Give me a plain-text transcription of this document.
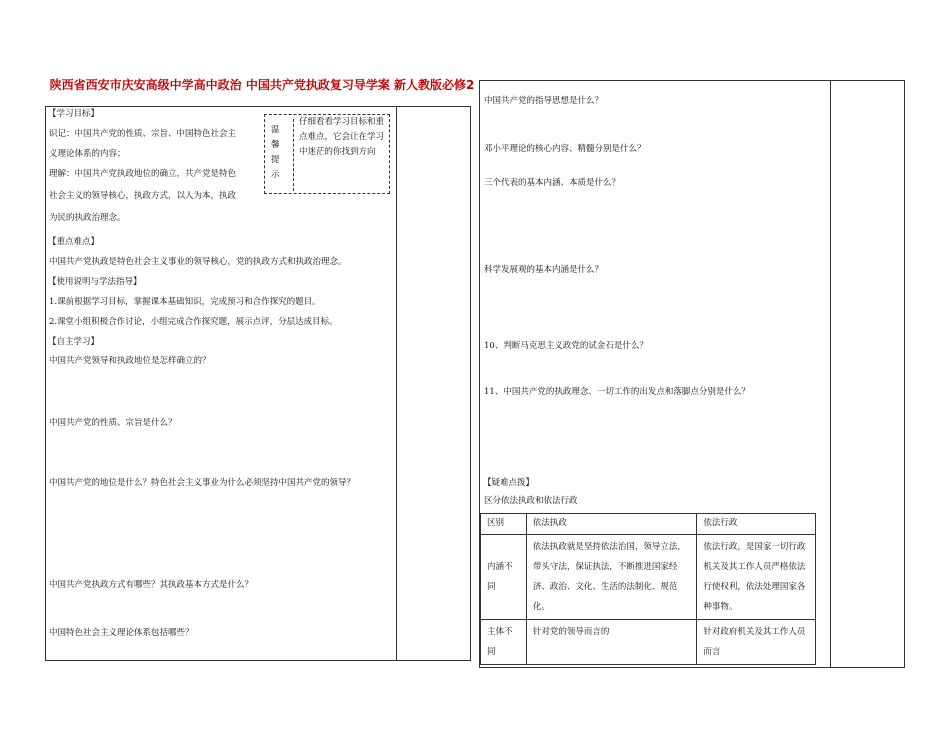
陕西省西安市庆安高级中学高中政治 中国共产党执政复习导学案 新人教版必修2
【学习目标】
识记：中国共产党的性质、宗旨、中国特色社会主
义理论体系的内容；
理解：中国共产党执政地位的确立，共产党是特色
社会主义的领导核心，执政方式，以人为本，执政
为民的执政治理念。
温馨提示
仔细看看学习目标和重点难点，它会让在学习中迷茫的你找到方向
【重点难点】
中国共产党执政是特色社会主义事业的领导核心，党的执政方式和执政治理念。
【使用说明与学法指导】
1.课前根据学习目标，掌握课本基础知识，完成预习和合作探究的题目。
2.课堂小组积极合作讨论，小组完成合作探究题，展示点评，分层达成目标。
【自主学习】
中国共产党领导和执政地位是怎样确立的？
中国共产党的性质、宗旨是什么？
中国共产党的地位是什么？特色社会主义事业为什么必须坚持中国共产党的领导？
中国共产党执政方式有哪些？其执政基本方式是什么？
中国特色社会主义理论体系包括哪些？
中国共产党的指导思想是什么？
邓小平理论的核心内容、精髓分别是什么？
三个代表的基本内涵、本质是什么？
科学发展观的基本内涵是什么？
10、判断马克思主义政党的试金石是什么？
11、中国共产党的执政理念、一切工作的出发点和落脚点分别是什么？
【疑难点拨】
区分依法执政和依法行政
区别	依法执政	依法行政
内涵不同	依法执政就是坚持依法治国，领导立法，带头守法，保证执法，不断推进国家经济、政治、文化、生活的法制化、规范化。	依法行政，是国家一切行政机关及其工作人员严格依法行使权利，依法处理国家各种事物。
主体不同	针对党的领导而言的	针对政府机关及其工作人员而言
